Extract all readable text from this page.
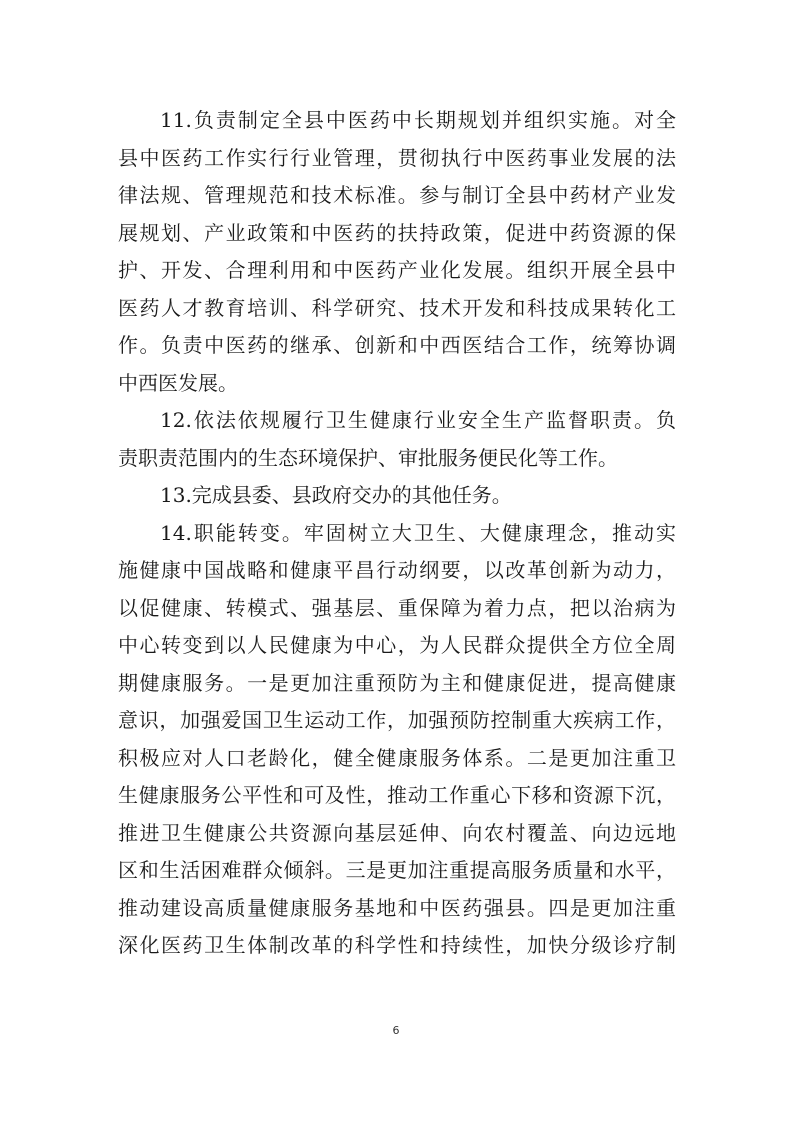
11.负责制定全县中医药中长期规划并组织实施。对全
县中医药工作实行行业管理，贯彻执行中医药事业发展的法
律法规、管理规范和技术标准。参与制订全县中药材产业发
展规划、产业政策和中医药的扶持政策，促进中药资源的保
护、开发、合理利用和中医药产业化发展。组织开展全县中
医药人才教育培训、科学研究、技术开发和科技成果转化工
作。负责中医药的继承、创新和中西医结合工作，统筹协调
中西医发展。
12.依法依规履行卫生健康行业安全生产监督职责。负
责职责范围内的生态环境保护、审批服务便民化等工作。
13.完成县委、县政府交办的其他任务。
14.职能转变。牢固树立大卫生、大健康理念，推动实
施健康中国战略和健康平昌行动纲要，以改革创新为动力，
以促健康、转模式、强基层、重保障为着力点，把以治病为
中心转变到以人民健康为中心，为人民群众提供全方位全周
期健康服务。一是更加注重预防为主和健康促进，提高健康
意识，加强爱国卫生运动工作，加强预防控制重大疾病工作，
积极应对人口老龄化，健全健康服务体系。二是更加注重卫
生健康服务公平性和可及性，推动工作重心下移和资源下沉，
推进卫生健康公共资源向基层延伸、向农村覆盖、向边远地
区和生活困难群众倾斜。三是更加注重提高服务质量和水平，
推动建设高质量健康服务基地和中医药强县。四是更加注重
深化医药卫生体制改革的科学性和持续性，加快分级诊疗制
6
